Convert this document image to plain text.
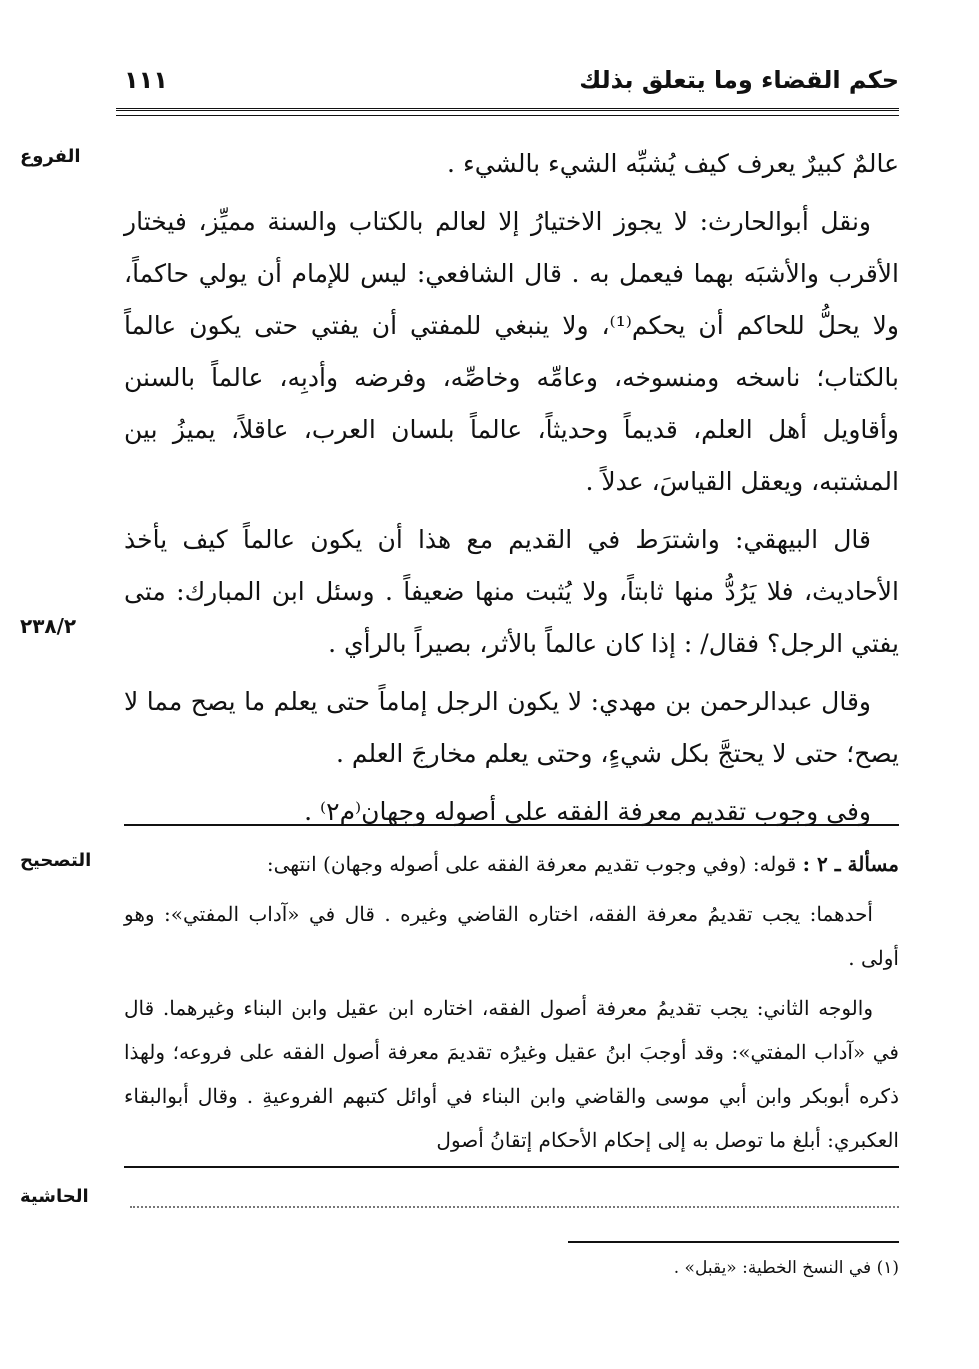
حكم القضاء وما يتعلق بذلك
١١١
الفروع
٢٣٨/٢
التصحيح
الحاشية

عالمٌ كبيرٌ يعرف كيف يُشبِّه الشيء بالشيء .

ونقل أبوالحارث: لا يجوز الاختيارُ إلا لعالم بالكتاب والسنة مميِّز، فيختار الأقرب والأشبَه بهما فيعمل به . قال الشافعي: ليس للإمام أن يولي حاكماً، ولا يحلُّ للحاكم أن يحكم⁽¹⁾، ولا ينبغي للمفتي أن يفتي حتى يكون عالماً بالكتاب؛ ناسخه ومنسوخه، وعامِّه وخاصِّه، وفرضه وأدبِه، عالماً بالسنن وأقاويل أهل العلم، قديماً وحديثاً، عالماً بلسان العرب، عاقلاً، يميزُ بين المشتبه، ويعقل القياسَ، عدلاً .

قال البيهقي: واشترَط في القديم مع هذا أن يكون عالماً كيف يأخذ الأحاديث، فلا يَرُدُّ منها ثابتاً، ولا يُثبت منها ضعيفاً . وسئل ابن المبارك: متى يفتي الرجل؟ فقال/ : إذا كان عالماً بالأثر، بصيراً بالرأي .

وقال عبدالرحمن بن مهدي: لا يكون الرجل إماماً حتى يعلم ما يصح مما لا يصح؛ حتى لا يحتجَّ بكل شيءٍ، وحتى يعلم مخارجَ العلم .

وفي وجوب تقديم معرفة الفقه على أصوله وجهان⁽م٢⁾ .

مسألة ـ ٢ : قوله: (وفي وجوب تقديم معرفة الفقه على أصوله وجهان) انتهى:

أحدهما: يجب تقديمُ معرفة الفقه، اختاره القاضي وغيره . قال في «آداب المفتي»: وهو أولى .

والوجه الثاني: يجب تقديمُ معرفة أصول الفقه، اختاره ابن عقيل وابن البناء وغيرهما. قال في «آداب المفتي»: وقد أوجبَ ابنُ عقيل وغيرُه تقديمَ معرفة أصول الفقه على فروعه؛ ولهذا ذكره أبوبكر وابن أبي موسى والقاضي وابن البناء في أوائل كتبهم الفروعيةِ . وقال أبوالبقاء العكبري: أبلغ ما توصل به إلى إحكام الأحكام إتقانُ أصول

(١) في النسخ الخطية: «يقبل» .
